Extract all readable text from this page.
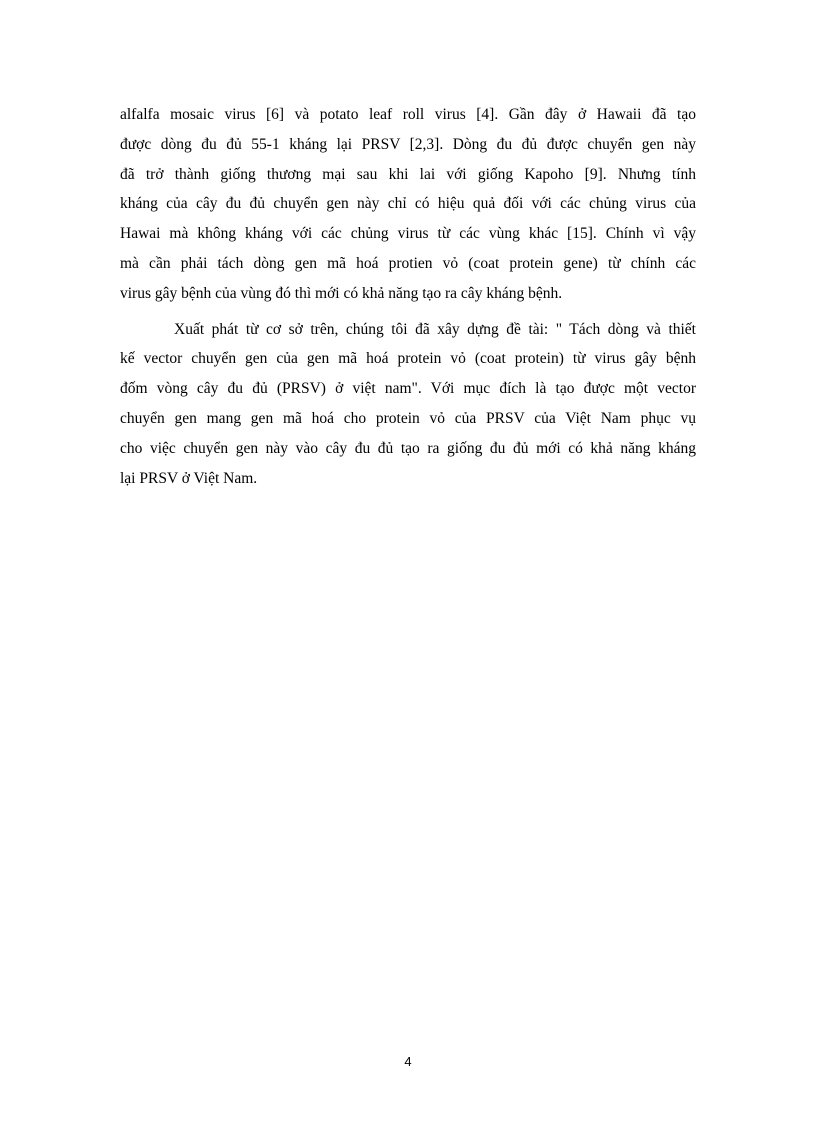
alfalfa mosaic virus [6] và potato leaf roll virus [4]. Gần đây ở Hawaii đã tạo
được dòng đu đủ 55-1 kháng lại PRSV [2,3]. Dòng đu đủ được chuyển gen này
đã trở thành giống thương mại sau khi lai với giống Kapoho [9]. Nhưng tính
kháng của cây đu đủ chuyển gen này chỉ có hiệu quả đối với các chủng virus của
Hawai mà không kháng với các chủng virus từ các vùng khác [15]. Chính vì vậy
mà cần phải tách dòng gen mã hoá protien vỏ (coat protein gene) từ chính các
virus gây bệnh của vùng đó thì mới có khả năng tạo ra cây kháng bệnh.
Xuất phát từ cơ sở trên, chúng tôi đã xây dựng đề tài: " Tách dòng và thiết
kế vector chuyển gen của gen mã hoá protein vỏ (coat protein) từ virus gây bệnh
đốm vòng cây đu đủ (PRSV) ở việt nam". Với mục đích là tạo được một vector
chuyển gen mang gen mã hoá cho protein vỏ của PRSV của Việt Nam phục vụ
cho việc chuyển gen này vào cây đu đủ tạo ra giống đu đủ mới có khả năng kháng
lại PRSV ở Việt Nam.
4
